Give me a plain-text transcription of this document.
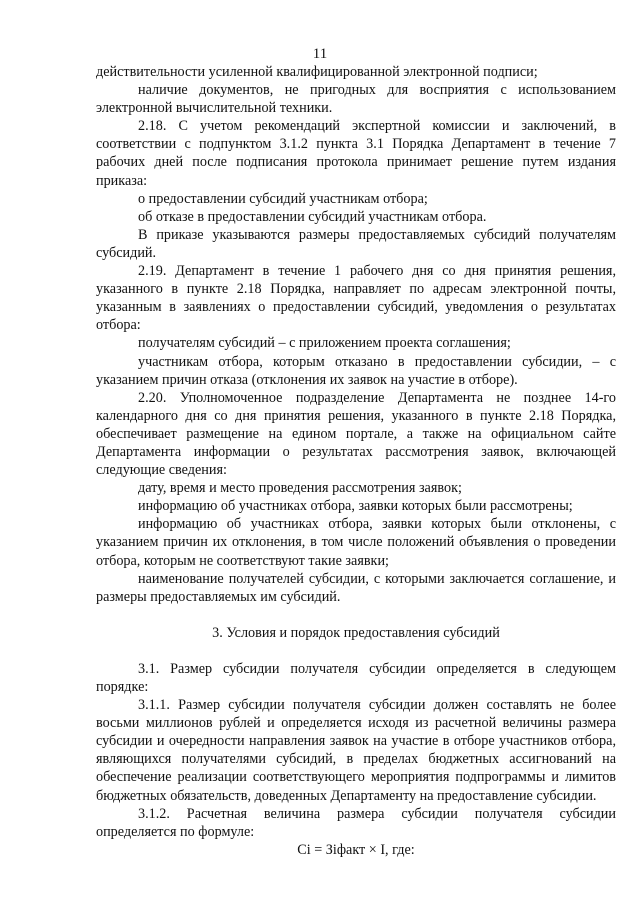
11

действительности усиленной квалифицированной электронной подписи;

наличие документов, не пригодных для восприятия с использованием электронной вычислительной техники.

2.18. С учетом рекомендаций экспертной комиссии и заключений, в соответствии с подпунктом 3.1.2 пункта 3.1 Порядка Департамент в течение 7 рабочих дней после подписания протокола принимает решение путем издания приказа:

о предоставлении субсидий участникам отбора;

об отказе в предоставлении субсидий участникам отбора.

В приказе указываются размеры предоставляемых субсидий получателям субсидий.

2.19. Департамент в течение 1 рабочего дня со дня принятия решения, указанного в пункте 2.18 Порядка, направляет по адресам электронной почты, указанным в заявлениях о предоставлении субсидий, уведомления о результатах отбора:

получателям субсидий – с приложением проекта соглашения;

участникам отбора, которым отказано в предоставлении субсидии, – с указанием причин отказа (отклонения их заявок на участие в отборе).

2.20. Уполномоченное подразделение Департамента не позднее 14-го календарного дня со дня принятия решения, указанного в пункте 2.18 Порядка, обеспечивает размещение на едином портале, а также на официальном сайте Департамента информации о результатах рассмотрения заявок, включающей следующие сведения:

дату, время и место проведения рассмотрения заявок;

информацию об участниках отбора, заявки которых были рассмотрены;

информацию об участниках отбора, заявки которых были отклонены, с указанием причин их отклонения, в том числе положений объявления о проведении отбора, которым не соответствуют такие заявки;

наименование получателей субсидии, с которыми заключается соглашение, и размеры предоставляемых им субсидий.

3. Условия и порядок предоставления субсидий

3.1. Размер субсидии получателя субсидии определяется в следующем порядке:

3.1.1. Размер субсидии получателя субсидии должен составлять не более восьми миллионов рублей и определяется исходя из расчетной величины размера субсидии и очередности направления заявок на участие в отборе участников отбора, являющихся получателями субсидий, в пределах бюджетных ассигнований на обеспечение реализации соответствующего мероприятия подпрограммы и лимитов бюджетных обязательств, доведенных Департаменту на предоставление субсидии.

3.1.2. Расчетная величина размера субсидии получателя субсидии определяется по формуле:

Ci = Зiфакт × I, где:
